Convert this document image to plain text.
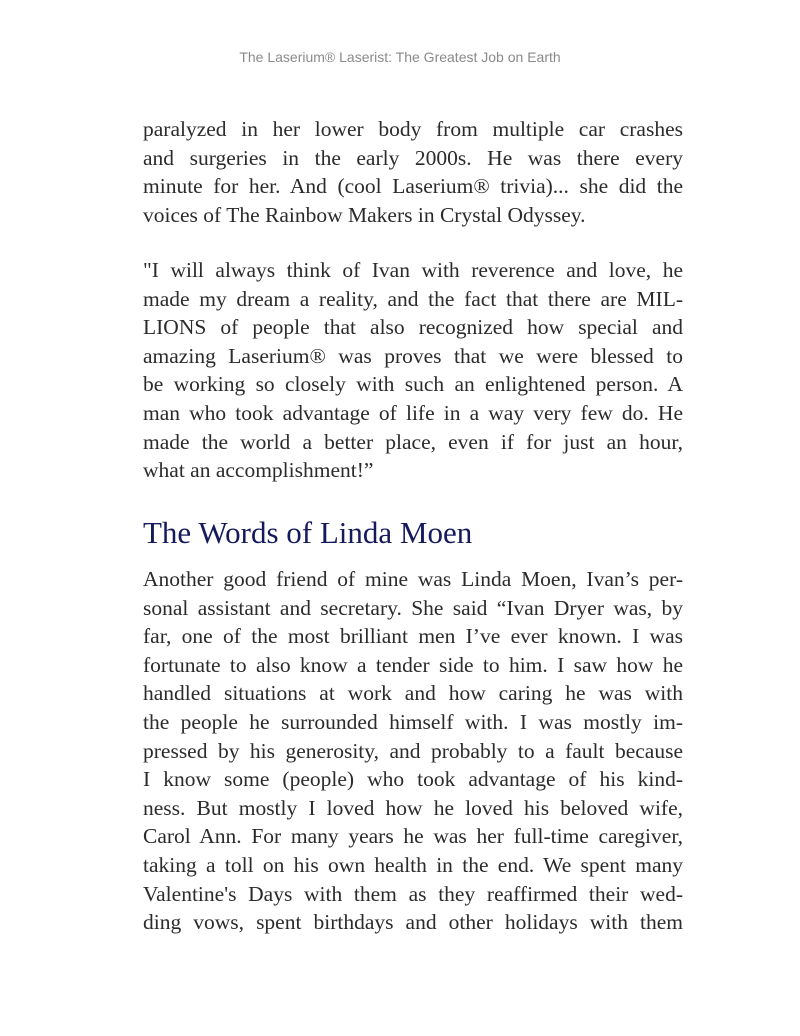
The Laserium® Laserist: The Greatest Job on Earth
paralyzed in her lower body from multiple car crashes
and surgeries in the early 2000s. He was there every
minute for her. And (cool Laserium® trivia)... she did the
voices of The Rainbow Makers in Crystal Odyssey.
"I will always think of Ivan with reverence and love, he
made my dream a reality, and the fact that there are MIL-
LIONS of people that also recognized how special and
amazing Laserium® was proves that we were blessed to
be working so closely with such an enlightened person. A
man who took advantage of life in a way very few do. He
made the world a better place, even if for just an hour,
what an accomplishment!”
The Words of Linda Moen
Another good friend of mine was Linda Moen, Ivan’s per-
sonal assistant and secretary. She said “Ivan Dryer was, by
far, one of the most brilliant men I’ve ever known. I was
fortunate to also know a tender side to him. I saw how he
handled situations at work and how caring he was with
the people he surrounded himself with. I was mostly im-
pressed by his generosity, and probably to a fault because
I know some (people) who took advantage of his kind-
ness. But mostly I loved how he loved his beloved wife,
Carol Ann. For many years he was her full-time caregiver,
taking a toll on his own health in the end. We spent many
Valentine's Days with them as they reaffirmed their wed-
ding vows, spent birthdays and other holidays with them
